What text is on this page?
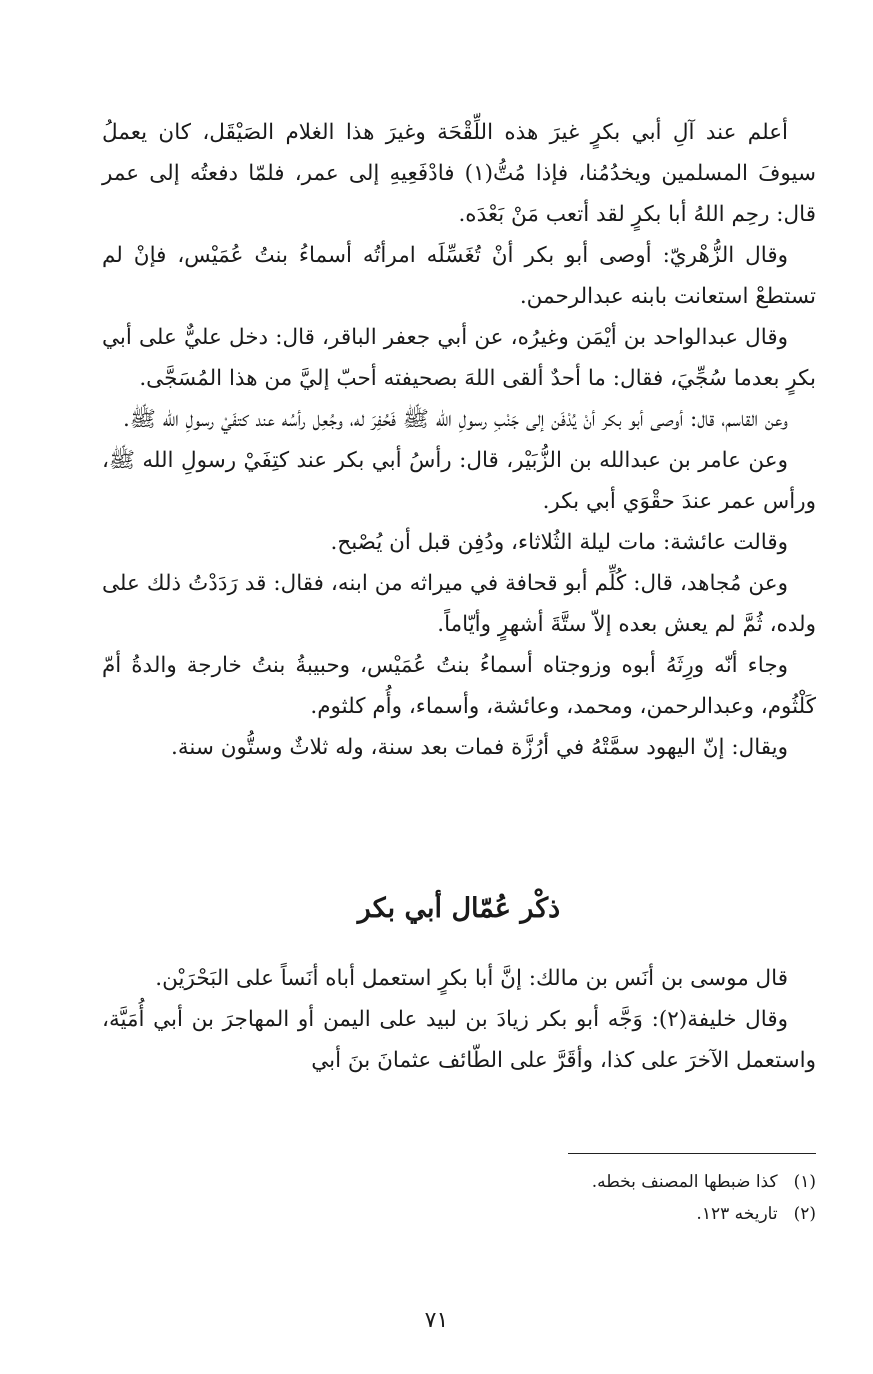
أعلم عند آلِ أبي بكرٍ غيرَ هذه اللِّقْحَة وغيرَ هذا الغلام الصَيْقَل، كان يعملُ سيوفَ المسلمين ويخدُمُنا، فإذا مُتُّ(١) فادْفَعِيهِ إلى عمر، فلمّا دفعتُه إلى عمر قال: رحِم اللهُ أبا بكرٍ لقد أتعب مَنْ بَعْدَه.

وقال الزُّهْريّ: أوصى أبو بكر أنْ تُغَسِّلَه امرأتُه أسماءُ بنتُ عُمَيْس، فإنْ لم تستطعْ استعانت بابنه عبدالرحمن.

وقال عبدالواحد بن أيْمَن وغيرُه، عن أبي جعفر الباقر، قال: دخل عليٌّ على أبي بكرٍ بعدما سُجِّيَ، فقال: ما أحدٌ ألقى اللهَ بصحيفته أحبّ إليَّ من هذا المُسَجَّى.

وعن القاسم، قال: أوصى أبو بكر أنْ يُدْفَن إلى جَنْبِ رسولِ الله ﷺ فَحُفِرَ له، وجُعِل رأسُه عند كتفَيْ رسولِ الله ﷺ.

وعن عامر بن عبدالله بن الزُّبَيْر، قال: رأسُ أبي بكر عند كتِفَيْ رسولِ الله ﷺ، ورأس عمر عندَ حقْوَي أبي بكر.

وقالت عائشة: مات ليلة الثُلاثاء، ودُفِن قبل أن يُصْبح.

وعن مُجاهد، قال: كُلِّم أبو قحافة في ميراثه من ابنه، فقال: قد رَدَدْتُ ذلك على ولده، ثُمَّ لم يعش بعده إلاّ ستَّةَ أشهرٍ وأيّاماً.

وجاء أنّه ورِثَهُ أبوه وزوجتاه أسماءُ بنتُ عُمَيْس، وحبيبةُ بنتُ خارجة والدةُ أمّ كَلْثُوم، وعبدالرحمن، ومحمد، وعائشة، وأسماء، وأُم كلثوم.

ويقال: إنّ اليهود سمَّتْهُ في أرُزَّة فمات بعد سنة، وله ثلاثٌ وستُّون سنة.

ذكْر عُمّال أبي بكر

قال موسى بن أنَس بن مالك: إنَّ أبا بكرٍ استعمل أباه أنَساً على البَحْرَيْن.

وقال خليفة(٢): وَجَّه أبو بكر زيادَ بن لبيد على اليمن أو المهاجرَ بن أبي أُمَيَّة، واستعمل الآخرَ على كذا، وأقَرَّ على الطّائف عثمانَ بنَ أبي

(١)
كذا ضبطها المصنف بخطه.
(٢)
تاريخه ١٢٣.
٧١
